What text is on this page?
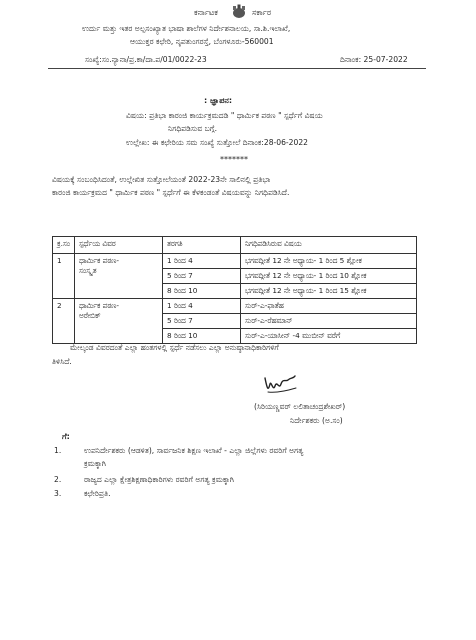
ಕರ್ನಾಟಕ	ಸರ್ಕಾರ
ಉರ್ದು ಮತ್ತು ಇತರ ಅಲ್ಪಸಂಖ್ಯಾತ ಭಾಷಾ ಶಾಲೆಗಳ ನಿರ್ದೇಶನಾಲಯ, ಸಾ.ಶಿ.ಇಲಾಖೆ,
ಆಯುಕ್ತರ ಕಛೇರಿ, ನೃಪತುಂಗರಸ್ತೆ, ಬೆಂಗಳೂರು-560001
ಸಂಖ್ಯೆ:ಸಂ.ನ್ಯಾನಾ/ಪ್ರ.ಕಾ/ದಾ.ಪ/01/0022-23	ದಿನಾಂಕ: 25-07-2022
: ಜ್ಞಾಪನ:
ವಿಷಯ: ಪ್ರತಿಭಾ ಕಾರಂಜಿ ಕಾರ್ಯಕ್ರಮದಡಿ " ಧಾರ್ಮಿಕ ಪಠಣ " ಸ್ಪರ್ಧೆಗೆ ವಿಷಯ
ನಿಗಧಿಪಡಿಸುವ ಬಗ್ಗೆ.
ಉಲ್ಲೇಖ: ಈ ಕಛೇರಿಯ ಸಮ ಸಂಖ್ಯೆ ಸುತ್ತೋಲೆ ದಿನಾಂಕ:28-06-2022
*******
ವಿಷಯಕ್ಕೆ ಸಂಬಂಧಿಸಿದಂತೆ, ಉಲ್ಲೇಖಿತ ಸುತ್ತೋಲೆಯಂತೆ 2022-23ನೇ ಸಾಲಿನಲ್ಲಿ ಪ್ರತಿಭಾ
ಕಾರಂಜಿ ಕಾರ್ಯಕ್ರಮದ " ಧಾರ್ಮಿಕ ಪಠಣ " ಸ್ಪರ್ಧೆಗೆ ಈ ಕೆಳಕಂಡಂತೆ ವಿಷಯವನ್ನು ನಿಗಧಿಪಡಿಸಿದೆ.
ಕ್ರ.ಸಂ	ಸ್ಪರ್ಧೆಯ ವಿವರ	ತರಗತಿ	ನಿಗಧಿಪಡಿಸಿರುವ ವಿಷಯ
1	ಧಾರ್ಮಿಕ ಪಠಣ-
ಸಂಸ್ಕೃತ	1 ರಿಂದ 4	ಭಗವದ್ಗೀತೆ 12 ನೇ ಅಧ್ಯಾಯ- 1 ರಿಂದ 5 ಶ್ಲೋಕ
		5 ರಿಂದ 7	ಭಗವದ್ಗೀತೆ 12 ನೇ ಅಧ್ಯಾಯ- 1 ರಿಂದ 10 ಶ್ಲೋಕ
		8 ರಿಂದ 10	ಭಗವದ್ಗೀತೆ 12 ನೇ ಅಧ್ಯಾಯ- 1 ರಿಂದ 15 ಶ್ಲೋಕ
2	ಧಾರ್ಮಿಕ ಪಠಣ-
ಅರೇಬಿಕ್	1 ರಿಂದ 4	ಸುರ್-ಎ-ಫಾತೆಹ
		5 ರಿಂದ 7	ಸುರ್-ಎ-ರೆಹಮಾನ್
		8 ರಿಂದ 10	ಸುರ್-ಎ-ಯಾಸೀನ್ -4 ಮುಬೀನ್ ವರೆಗೆ
ಮೇಲ್ಕಂಡ ವಿವರದಂತೆ ಎಲ್ಲಾ ಹಂತಗಳಲ್ಲಿ ಸ್ಪರ್ಧೆ ನಡೆಸಲು ಎಲ್ಲಾ ಅನುಷ್ಠಾನಾಧಿಕಾರಿಗಳಿಗೆ
ತಿಳಿಸಿದೆ.
(ಸಿರಿಯಣ್ಣವರ್ ಲಲಿತಾಚಂದ್ರಶೇಖರ್)
ನಿರ್ದೇಶಕರು (ಅ.ಸಂ)
ಗೆ:
1.	ಉಪನಿರ್ದೇಶಕರು (ಆಡಳಿತ), ಸಾರ್ವಜನಿಕ ಶಿಕ್ಷಣ ಇಲಾಖೆ - ಎಲ್ಲಾ ಜಿಲ್ಲೆಗಳು ರವರಿಗೆ ಅಗತ್ಯ
ಕ್ರಮಕ್ಕಾಗಿ
2.	ರಾಜ್ಯದ ಎಲ್ಲಾ ಕ್ಷೇತ್ರಶಿಕ್ಷಣಾಧಿಕಾರಿಗಳು ರವರಿಗೆ ಅಗತ್ಯ ಕ್ರಮಕ್ಕಾಗಿ
3.	ಕಛೇರಿಪ್ರತಿ.
